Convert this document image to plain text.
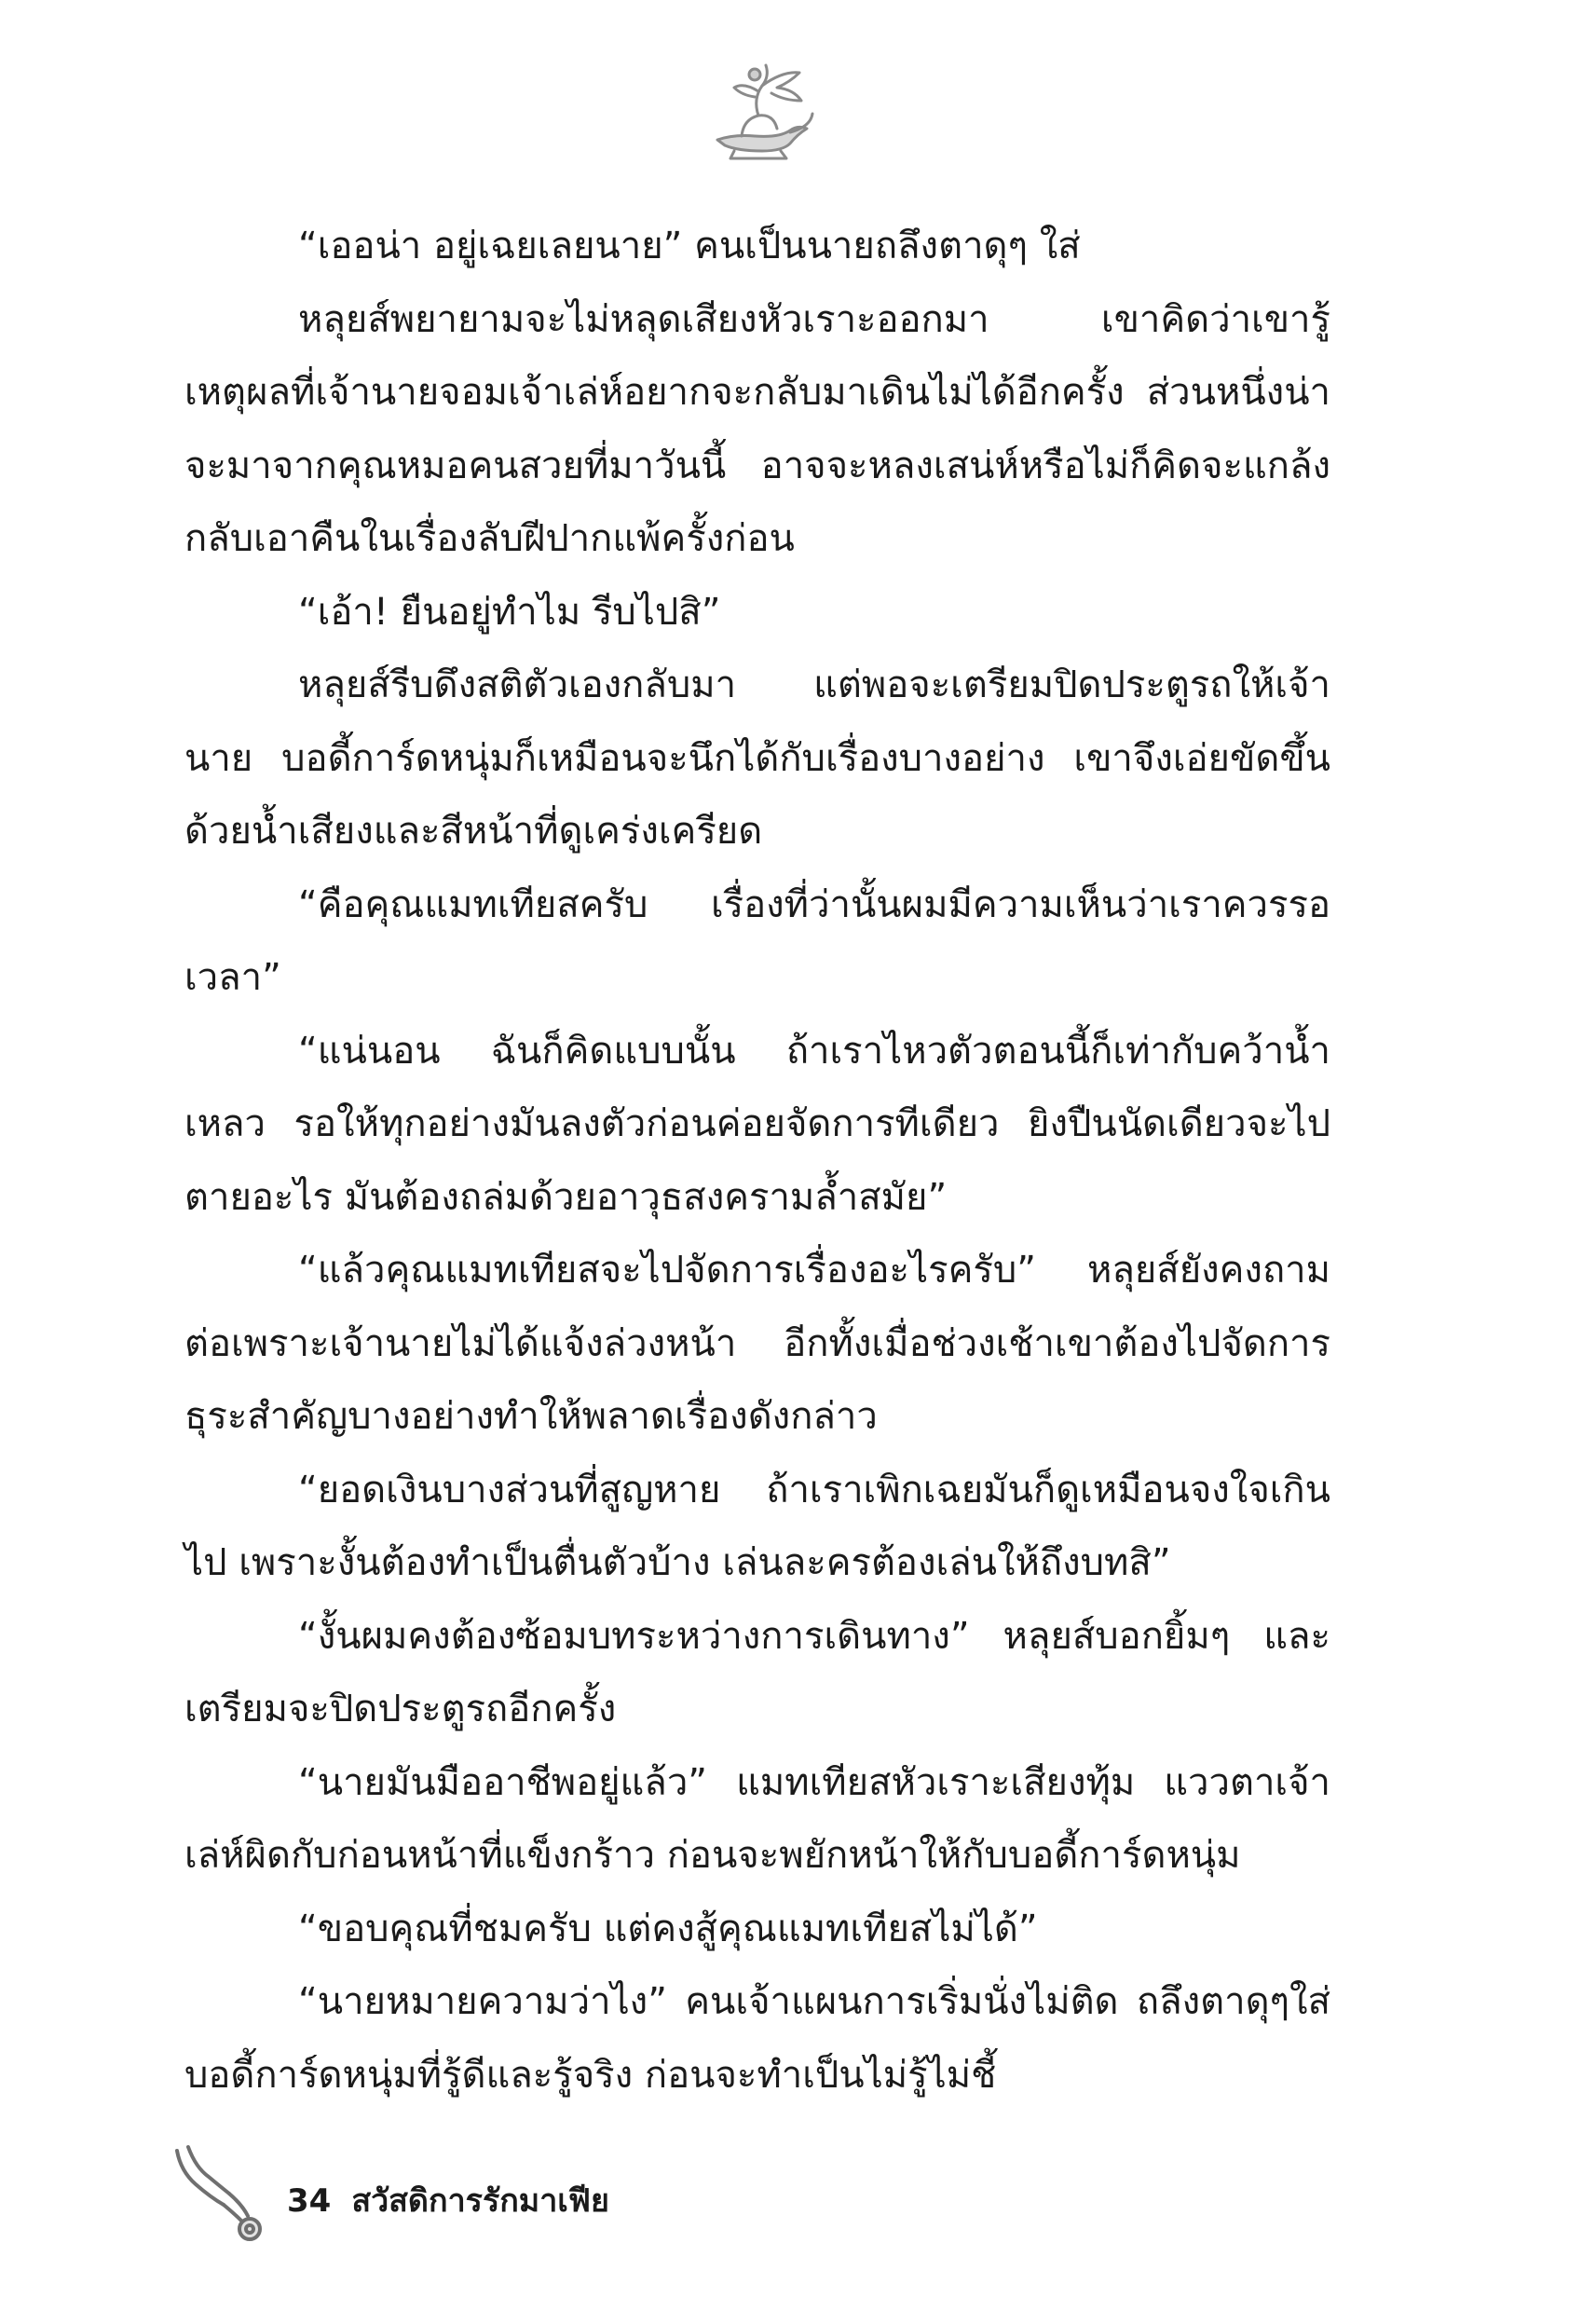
“เออน่า อยู่เฉยเลยนาย” คนเป็นนายถลึงตาดุๆ ใส่

หลุยส์พยายามจะไม่หลุดเสียงหัวเราะออกมา เขาคิดว่าเขารู้เหตุผลที่เจ้านายจอมเจ้าเล่ห์อยากจะกลับมาเดินไม่ได้อีกครั้ง ส่วนหนึ่งน่าจะมาจากคุณหมอคนสวยที่มาวันนี้ อาจจะหลงเสน่ห์หรือไม่ก็คิดจะแกล้งกลับเอาคืนในเรื่องลับฝีปากแพ้ครั้งก่อน

“เอ้า! ยืนอยู่ทำไม รีบไปสิ”

หลุยส์รีบดึงสติตัวเองกลับมา แต่พอจะเตรียมปิดประตูรถให้เจ้านาย บอดี้การ์ดหนุ่มก็เหมือนจะนึกได้กับเรื่องบางอย่าง เขาจึงเอ่ยขัดขึ้นด้วยน้ำเสียงและสีหน้าที่ดูเคร่งเครียด

“คือคุณแมทเทียสครับ เรื่องที่ว่านั้นผมมีความเห็นว่าเราควรรอเวลา”

“แน่นอน ฉันก็คิดแบบนั้น ถ้าเราไหวตัวตอนนี้ก็เท่ากับคว้าน้ำเหลว รอให้ทุกอย่างมันลงตัวก่อนค่อยจัดการทีเดียว ยิงปืนนัดเดียวจะไปตายอะไร มันต้องถล่มด้วยอาวุธสงครามล้ำสมัย”

“แล้วคุณแมทเทียสจะไปจัดการเรื่องอะไรครับ” หลุยส์ยังคงถามต่อเพราะเจ้านายไม่ได้แจ้งล่วงหน้า อีกทั้งเมื่อช่วงเช้าเขาต้องไปจัดการธุระสำคัญบางอย่างทำให้พลาดเรื่องดังกล่าว

“ยอดเงินบางส่วนที่สูญหาย ถ้าเราเพิกเฉยมันก็ดูเหมือนจงใจเกินไป เพราะงั้นต้องทำเป็นตื่นตัวบ้าง เล่นละครต้องเล่นให้ถึงบทสิ”

“งั้นผมคงต้องซ้อมบทระหว่างการเดินทาง” หลุยส์บอกยิ้มๆ และเตรียมจะปิดประตูรถอีกครั้ง

“นายมันมืออาชีพอยู่แล้ว” แมทเทียสหัวเราะเสียงทุ้ม แววตาเจ้าเล่ห์ผิดกับก่อนหน้าที่แข็งกร้าว ก่อนจะพยักหน้าให้กับบอดี้การ์ดหนุ่ม

“ขอบคุณที่ชมครับ แต่คงสู้คุณแมทเทียสไม่ได้”

“นายหมายความว่าไง” คนเจ้าแผนการเริ่มนั่งไม่ติด ถลึงตาดุๆใส่บอดี้การ์ดหนุ่มที่รู้ดีและรู้จริง ก่อนจะทำเป็นไม่รู้ไม่ชี้

34 สวัสดิการรักมาเฟีย
